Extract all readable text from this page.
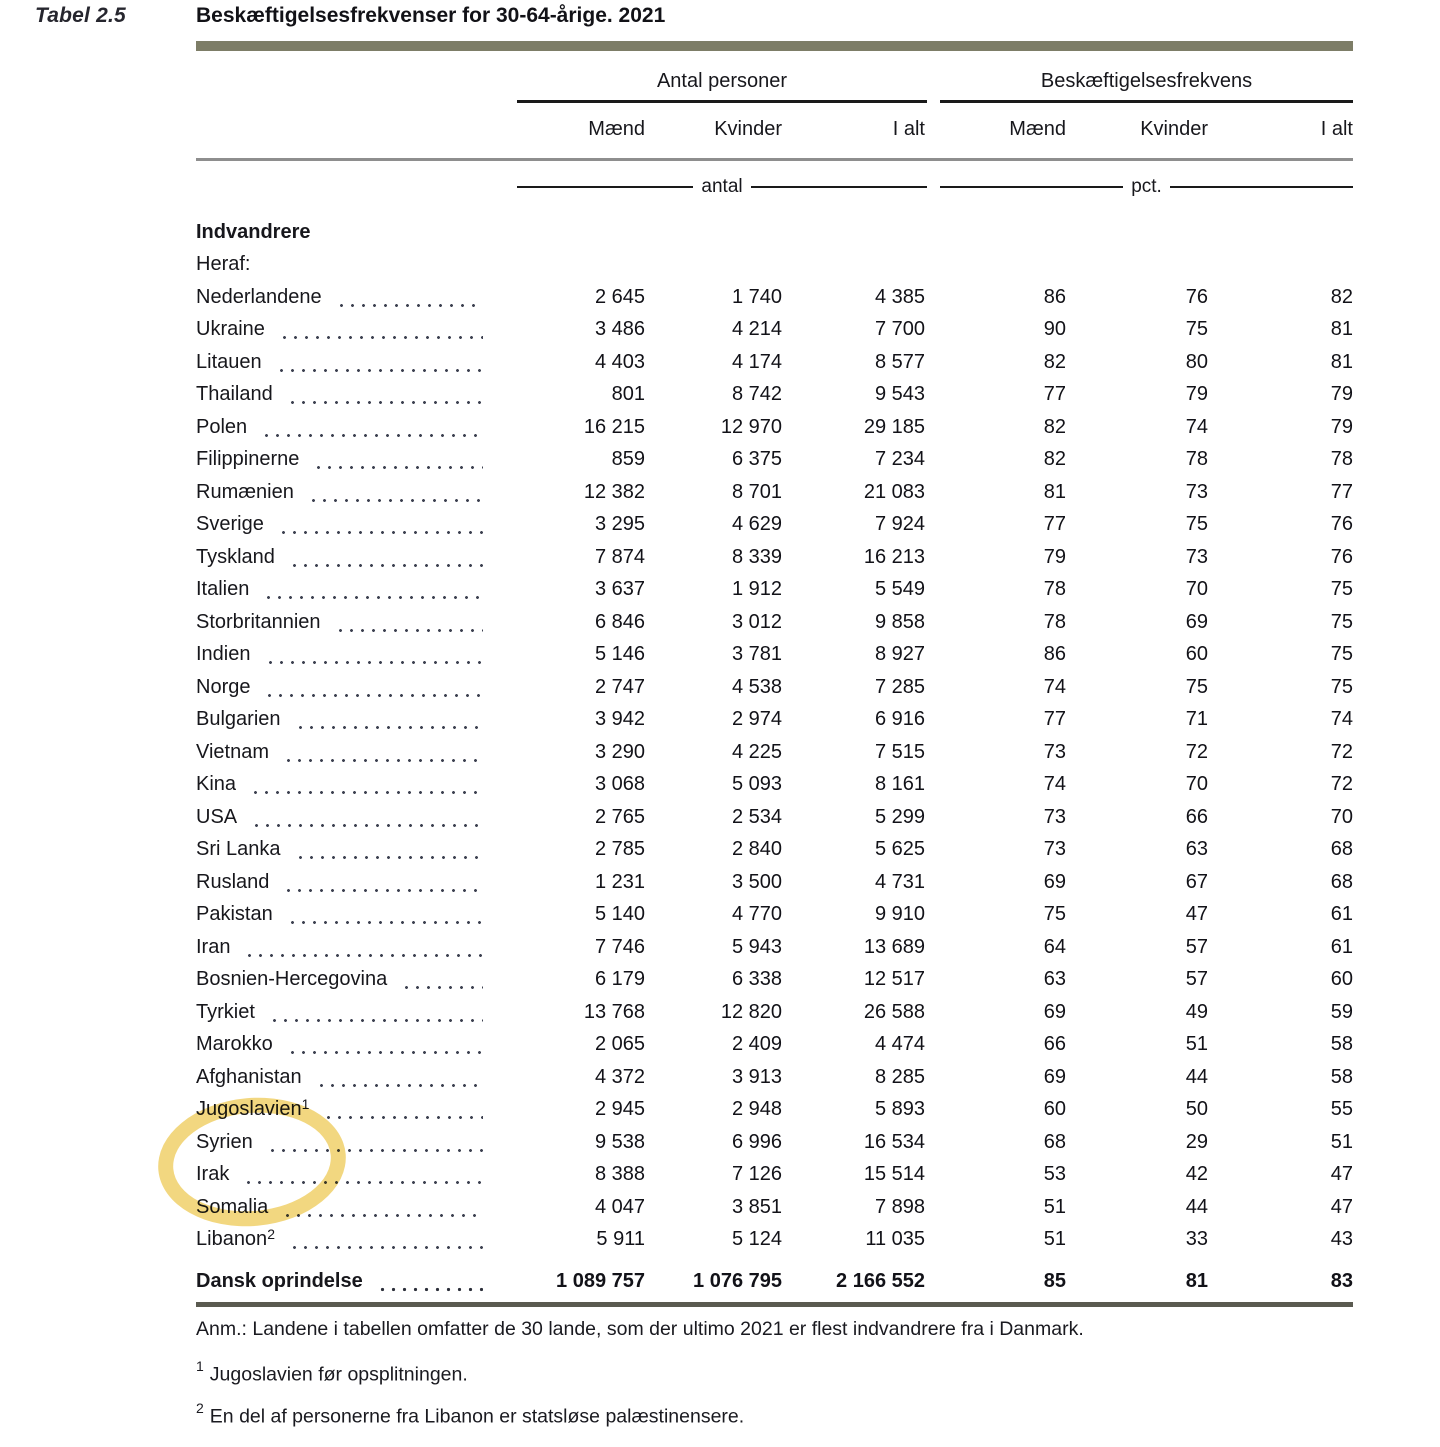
Tabel 2.5	Beskæftigelsesfrekvenser for 30-64-årige. 2021
Antal personer	Beskæftigelsesfrekvens
Mænd	Kvinder	I alt	Mænd	Kvinder	I alt
antal	pct.
Indvandrere
Heraf:
Nederlandene	2 645	1 740	4 385	86	76	82
Ukraine	3 486	4 214	7 700	90	75	81
Litauen	4 403	4 174	8 577	82	80	81
Thailand	801	8 742	9 543	77	79	79
Polen	16 215	12 970	29 185	82	74	79
Filippinerne	859	6 375	7 234	82	78	78
Rumænien	12 382	8 701	21 083	81	73	77
Sverige	3 295	4 629	7 924	77	75	76
Tyskland	7 874	8 339	16 213	79	73	76
Italien	3 637	1 912	5 549	78	70	75
Storbritannien	6 846	3 012	9 858	78	69	75
Indien	5 146	3 781	8 927	86	60	75
Norge	2 747	4 538	7 285	74	75	75
Bulgarien	3 942	2 974	6 916	77	71	74
Vietnam	3 290	4 225	7 515	73	72	72
Kina	3 068	5 093	8 161	74	70	72
USA	2 765	2 534	5 299	73	66	70
Sri Lanka	2 785	2 840	5 625	73	63	68
Rusland	1 231	3 500	4 731	69	67	68
Pakistan	5 140	4 770	9 910	75	47	61
Iran	7 746	5 943	13 689	64	57	61
Bosnien-Hercegovina	6 179	6 338	12 517	63	57	60
Tyrkiet	13 768	12 820	26 588	69	49	59
Marokko	2 065	2 409	4 474	66	51	58
Afghanistan	4 372	3 913	8 285	69	44	58
Jugoslavien$^1$	2 945	2 948	5 893	60	50	55
Syrien	9 538	6 996	16 534	68	29	51
Irak	8 388	7 126	15 514	53	42	47
Somalia	4 047	3 851	7 898	51	44	47
Libanon$^2$	5 911	5 124	11 035	51	33	43
Dansk oprindelse	1 089 757	1 076 795	2 166 552	85	81	83
Anm.: Landene i tabellen omfatter de 30 lande, som der ultimo 2021 er flest indvandrere fra i Danmark.
$^1$ Jugoslavien før opsplitningen.
$^2$ En del af personerne fra Libanon er statsløse palæstinensere.
